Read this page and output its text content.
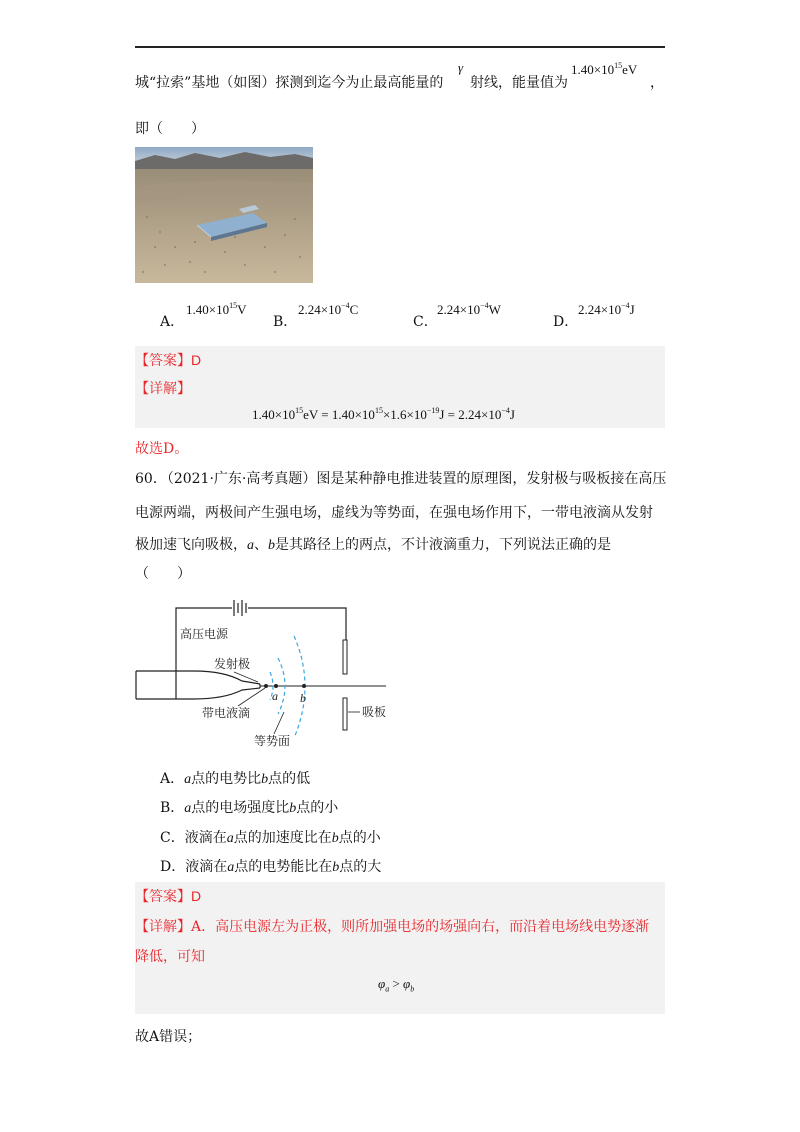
城“拉索”基地（如图）探测到迄今为止最高能量的
γ
射线，能量值为
$1.40\times 10^{15}eV$
，
即（　　）
A．
$1.40\times 10^{15}V$
B．
$2.24\times 10^{-4}C$
C．
$2.24\times 10^{-4}W$
D．
$2.24\times 10^{-4}J$
【答案】D
【详解】
$1.40\times 10^{15}eV = 1.40\times 10^{15}\times 1.6\times 10^{-19}J = 2.24\times 10^{-4}J$
故选D。
60．（2021·广东·高考真题）图是某种静电推进装置的原理图，发射极与吸板接在高压
电源两端，两极间产生强电场，虚线为等势面，在强电场作用下，一带电液滴从发射
极加速飞向吸极，a、b是其路径上的两点，不计液滴重力，下列说法正确的是
（　　）
高压电源
发射极
带电液滴
等势面
吸板
a b
A．a点的电势比b点的低
B．a点的电场强度比b点的小
C．液滴在a点的加速度比在b点的小
D．液滴在a点的电势能比在b点的大
【答案】D
【详解】A．高压电源左为正极，则所加强电场的场强向右，而沿着电场线电势逐渐
降低，可知
$\varphi_a > \varphi_b$
故A错误；
